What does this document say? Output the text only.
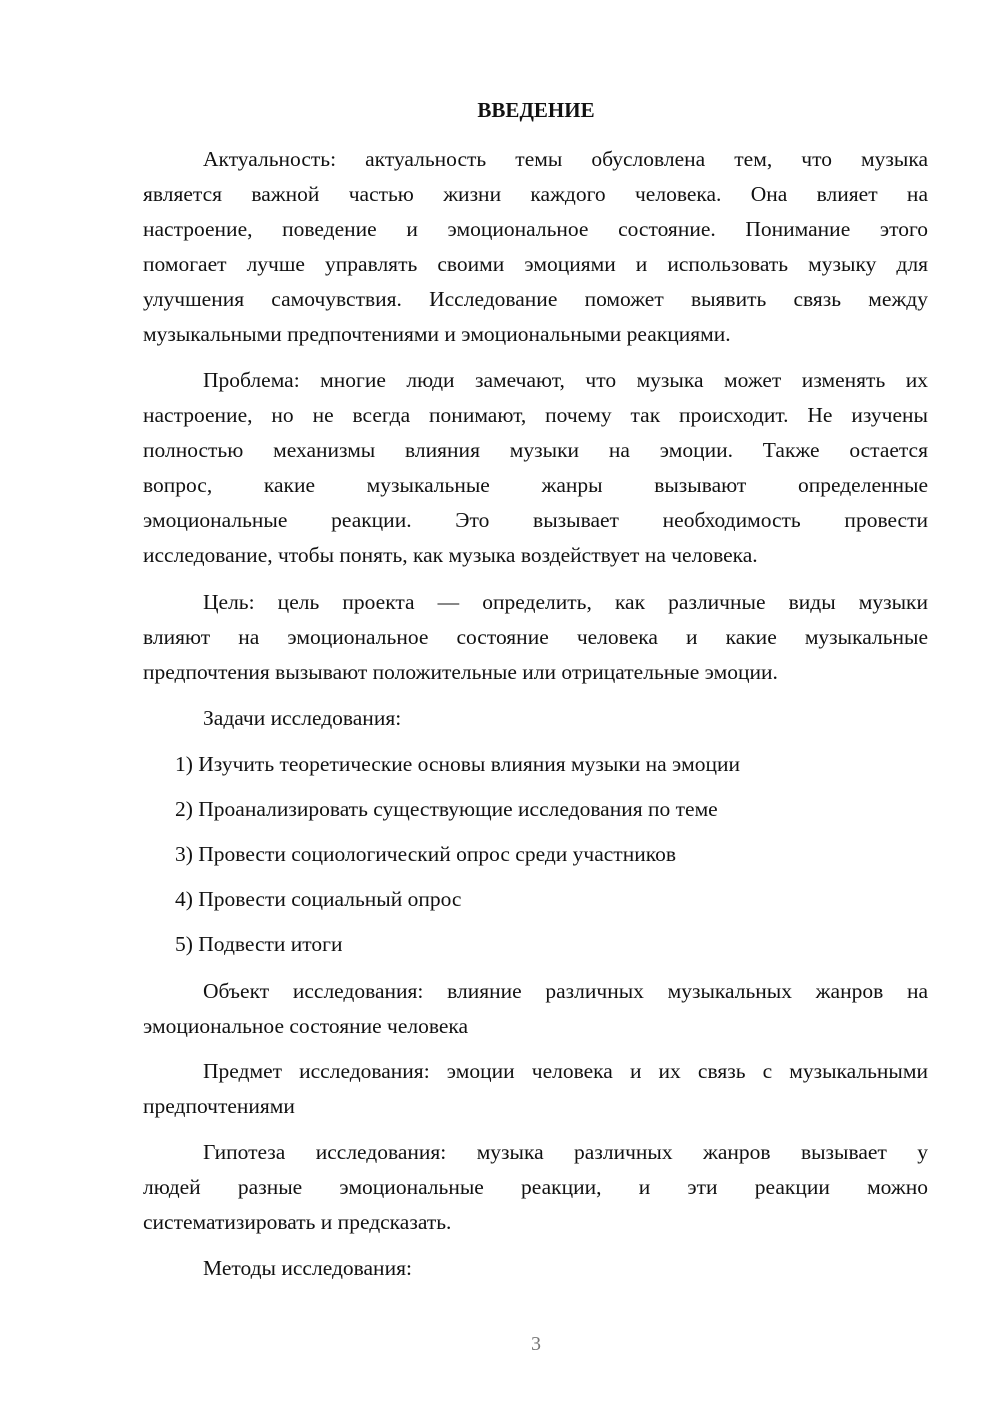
ВВЕДЕНИЕ
Актуальность: актуальность темы обусловлена тем, что музыка
является важной частью жизни каждого человека. Она влияет на
настроение, поведение и эмоциональное состояние. Понимание этого
помогает лучше управлять своими эмоциями и использовать музыку для
улучшения самочувствия. Исследование поможет выявить связь между
музыкальными предпочтениями и эмоциональными реакциями.
Проблема: многие люди замечают, что музыка может изменять их
настроение, но не всегда понимают, почему так происходит. Не изучены
полностью механизмы влияния музыки на эмоции. Также остается
вопрос, какие музыкальные жанры вызывают определенные
эмоциональные реакции. Это вызывает необходимость провести
исследование, чтобы понять, как музыка воздействует на человека.
Цель: цель проекта — определить, как различные виды музыки
влияют на эмоциональное состояние человека и какие музыкальные
предпочтения вызывают положительные или отрицательные эмоции.
Задачи исследования:
1) Изучить теоретические основы влияния музыки на эмоции
2) Проанализировать существующие исследования по теме
3) Провести социологический опрос среди участников
4) Провести социальный опрос
5) Подвести итоги
Объект исследования: влияние различных музыкальных жанров на
эмоциональное состояние человека
Предмет исследования: эмоции человека и их связь с музыкальными
предпочтениями
Гипотеза исследования: музыка различных жанров вызывает у
людей разные эмоциональные реакции, и эти реакции можно
систематизировать и предсказать.
Методы исследования:
3
